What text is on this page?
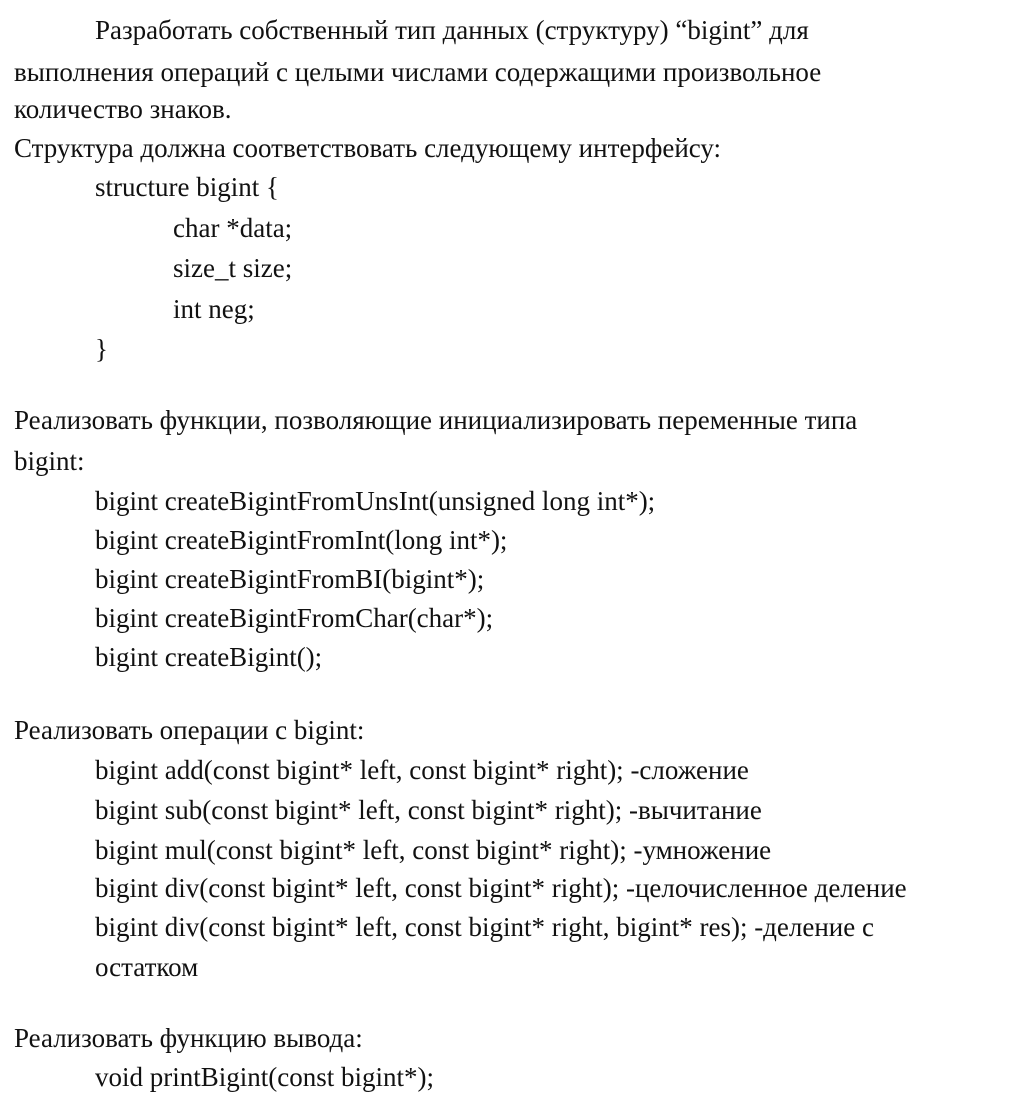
Разработать собственный тип данных (структуру) “bigint” для
выполнения операций с целыми числами содержащими произвольное
количество знаков.
Структура должна соответствовать следующему интерфейсу:
structure bigint {
char *data;
size_t size;
int neg;
}
Реализовать функции, позволяющие инициализировать переменные типа
bigint:
bigint createBigintFromUnsInt(unsigned long int*);
bigint createBigintFromInt(long int*);
bigint createBigintFromBI(bigint*);
bigint createBigintFromChar(char*);
bigint createBigint();
Реализовать операции с bigint:
bigint add(const bigint* left, const bigint* right); -сложение
bigint sub(const bigint* left, const bigint* right); -вычитание
bigint mul(const bigint* left, const bigint* right); -умножение
bigint div(const bigint* left, const bigint* right); -целочисленное деление
bigint div(const bigint* left, const bigint* right, bigint* res); -деление с
остатком
Реализовать функцию вывода:
void printBigint(const bigint*);
